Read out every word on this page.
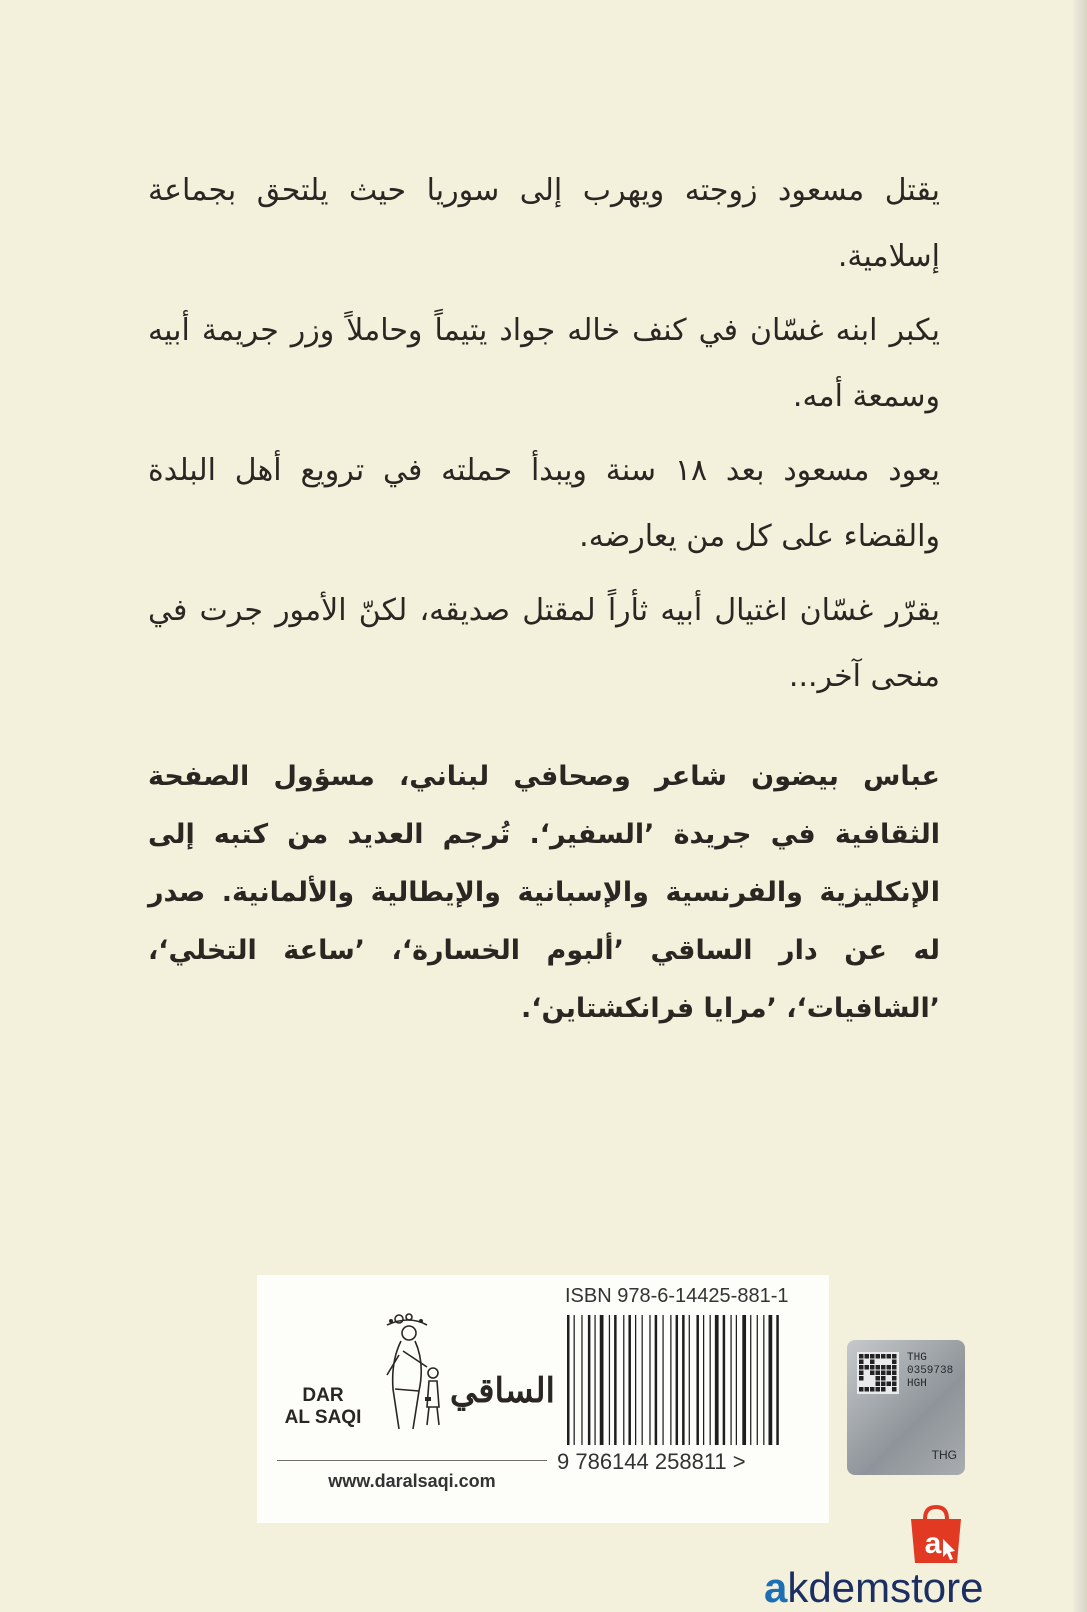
يقتل مسعود زوجته ويهرب إلى سوريا حيث يلتحق بجماعة إسلامية.

يكبر ابنه غسّان في كنف خاله جواد يتيماً وحاملاً وزر جريمة أبيه وسمعة أمه.

يعود مسعود بعد ١٨ سنة ويبدأ حملته في ترويع أهل البلدة والقضاء على كل من يعارضه.

يقرّر غسّان اغتيال أبيه ثأراً لمقتل صديقه، لكنّ الأمور جرت في منحى آخر...

عباس بيضون شاعر وصحافي لبناني، مسؤول الصفحة الثقافية في جريدة ’السفير‘. تُرجم العديد من كتبه إلى الإنكليزية والفرنسية والإسبانية والإيطالية والألمانية. صدر له عن دار الساقي ’ألبوم الخسارة‘، ’ساعة التخلي‘، ’الشافيات‘، ’مرايا فرانكشتاين‘.

DAR
AL SAQI
الساقي
www.daralsaqi.com
ISBN 978-6-14425-881-1
9 786144 258811 >
THG
0359738
HGH
THG
a
akdemstore
